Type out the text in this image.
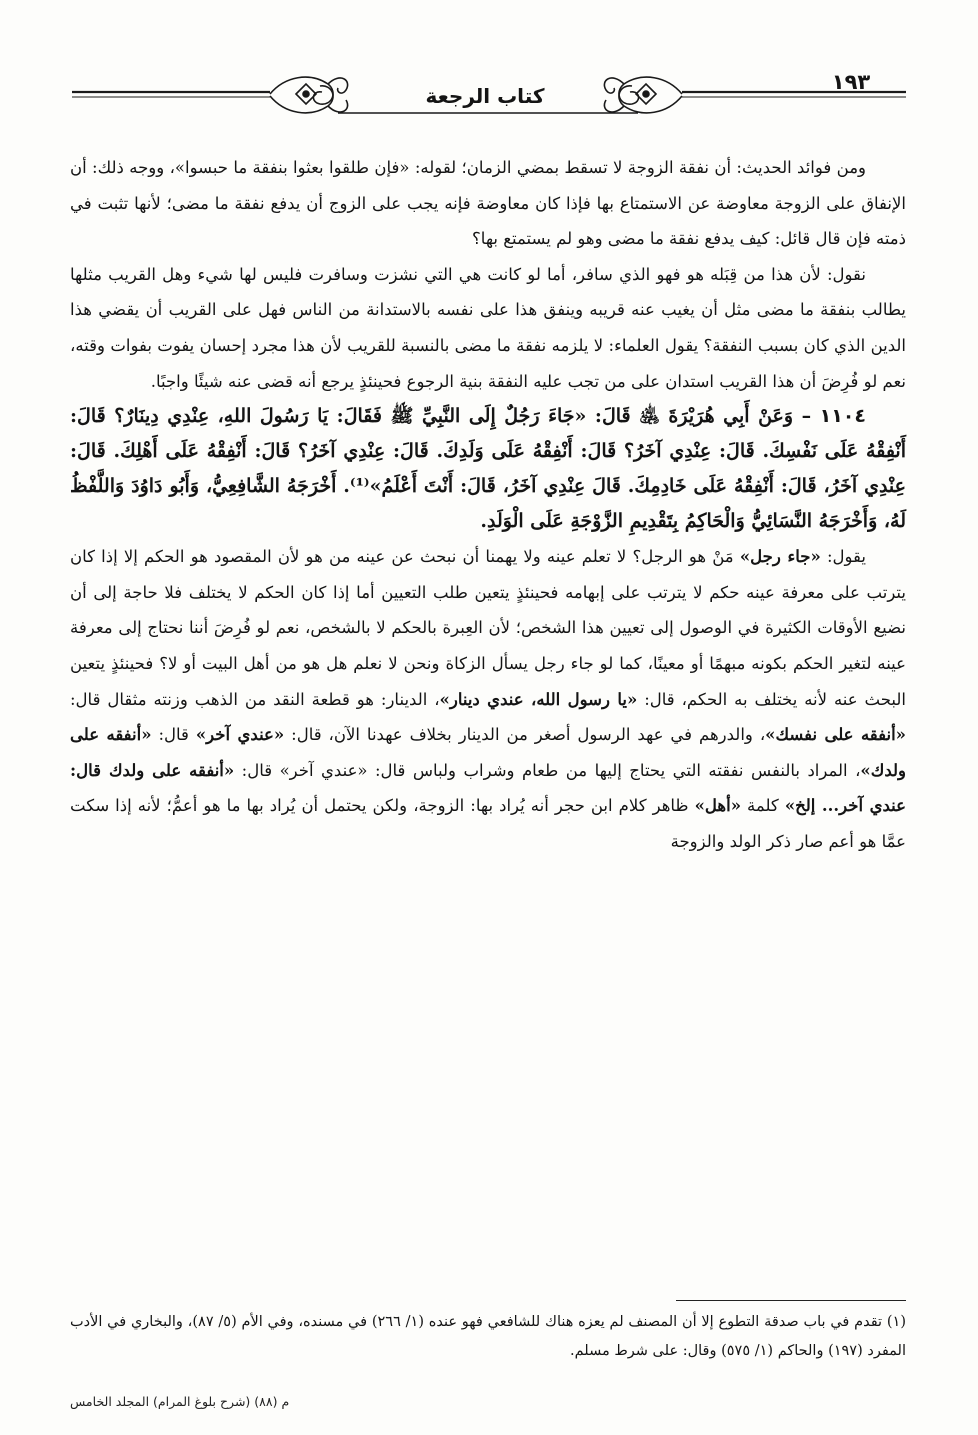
١٩٣
كتاب الرجعة

ومن فوائد الحديث: أن نفقة الزوجة لا تسقط بمضي الزمان؛ لقوله: «فإن طلقوا بعثوا بنفقة ما حبسوا»، ووجه ذلك: أن الإنفاق على الزوجة معاوضة عن الاستمتاع بها فإذا كان معاوضة فإنه يجب على الزوج أن يدفع نفقة ما مضى؛ لأنها تثبت في ذمته فإن قال قائل: كيف يدفع نفقة ما مضى وهو لم يستمتع بها؟

نقول: لأن هذا من قِبَله هو فهو الذي سافر، أما لو كانت هي التي نشزت وسافرت فليس لها شيء وهل القريب مثلها يطالب بنفقة ما مضى مثل أن يغيب عنه قريبه وينفق هذا على نفسه بالاستدانة من الناس فهل على القريب أن يقضي هذا الدين الذي كان بسبب النفقة؟ يقول العلماء: لا يلزمه نفقة ما مضى بالنسبة للقريب لأن هذا مجرد إحسان يفوت بفوات وقته، نعم لو فُرِضَ أن هذا القريب استدان على من تجب عليه النفقة بنية الرجوع فحينئذٍ يرجع أنه قضى عنه شيئًا واجبًا.

١١٠٤ – وَعَنْ أَبِي هُرَيْرَةَ ﵁ قَالَ: «جَاءَ رَجُلٌ إِلَى النَّبِيِّ ﷺ فَقَالَ: يَا رَسُولَ اللهِ، عِنْدِي دِينَارٌ؟ قَالَ: أَنْفِقْهُ عَلَى نَفْسِكَ. قَالَ: عِنْدِي آخَرُ؟ قَالَ: أَنْفِقْهُ عَلَى وَلَدِكَ. قَالَ: عِنْدِي آخَرُ؟ قَالَ: أَنْفِقْهُ عَلَى أَهْلِكَ. قَالَ: عِنْدِي آخَرُ، قَالَ: أَنْفِقْهُ عَلَى خَادِمِكَ. قَالَ عِنْدِي آخَرُ، قَالَ: أَنْتَ أَعْلَمُ»⁽¹⁾. أَخْرَجَهُ الشَّافِعِيُّ، وَأَبُو دَاوُدَ وَاللَّفْظُ لَهُ، وَأَخْرَجَهُ النَّسَائِيُّ وَالْحَاكِمُ بِتَقْدِيمِ الزَّوْجَةِ عَلَى الْوَلَدِ.

يقول: «جاء رجل» مَنْ هو الرجل؟ لا تعلم عينه ولا يهمنا أن نبحث عن عينه من هو لأن المقصود هو الحكم إلا إذا كان يترتب على معرفة عينه حكم لا يترتب على إبهامه فحينئذٍ يتعين طلب التعيين أما إذا كان الحكم لا يختلف فلا حاجة إلى أن نضيع الأوقات الكثيرة في الوصول إلى تعيين هذا الشخص؛ لأن العِبرة بالحكم لا بالشخص، نعم لو فُرِضَ أننا نحتاج إلى معرفة عينه لتغير الحكم بكونه مبهمًا أو معينًا، كما لو جاء رجل يسأل الزكاة ونحن لا نعلم هل هو من أهل البيت أو لا؟ فحينئذٍ يتعين البحث عنه لأنه يختلف به الحكم، قال: «يا رسول الله، عندي دينار»، الدينار: هو قطعة النقد من الذهب وزنته مثقال قال: «أنفقه على نفسك»، والدرهم في عهد الرسول أصغر من الدينار بخلاف عهدنا الآن، قال: «عندي آخر» قال: «أنفقه على ولدك»، المراد بالنفس نفقته التي يحتاج إليها من طعام وشراب ولباس قال: «عندي آخر» قال: «أنفقه على ولدك قال: عندي آخر... إلخ» كلمة «أهل» ظاهر كلام ابن حجر أنه يُراد بها: الزوجة، ولكن يحتمل أن يُراد بها ما هو أعمُّ؛ لأنه إذا سكت عمَّا هو أعم صار ذكر الولد والزوجة

(١) تقدم في باب صدقة التطوع إلا أن المصنف لم يعزه هناك للشافعي فهو عنده (١/ ٢٦٦) في مسنده، وفي الأم (٥/ ٨٧)، والبخاري في الأدب المفرد (١٩٧) والحاكم (١/ ٥٧٥) وقال: على شرط مسلم.
م (٨٨) (شرح بلوغ المرام) المجلد الخامس
